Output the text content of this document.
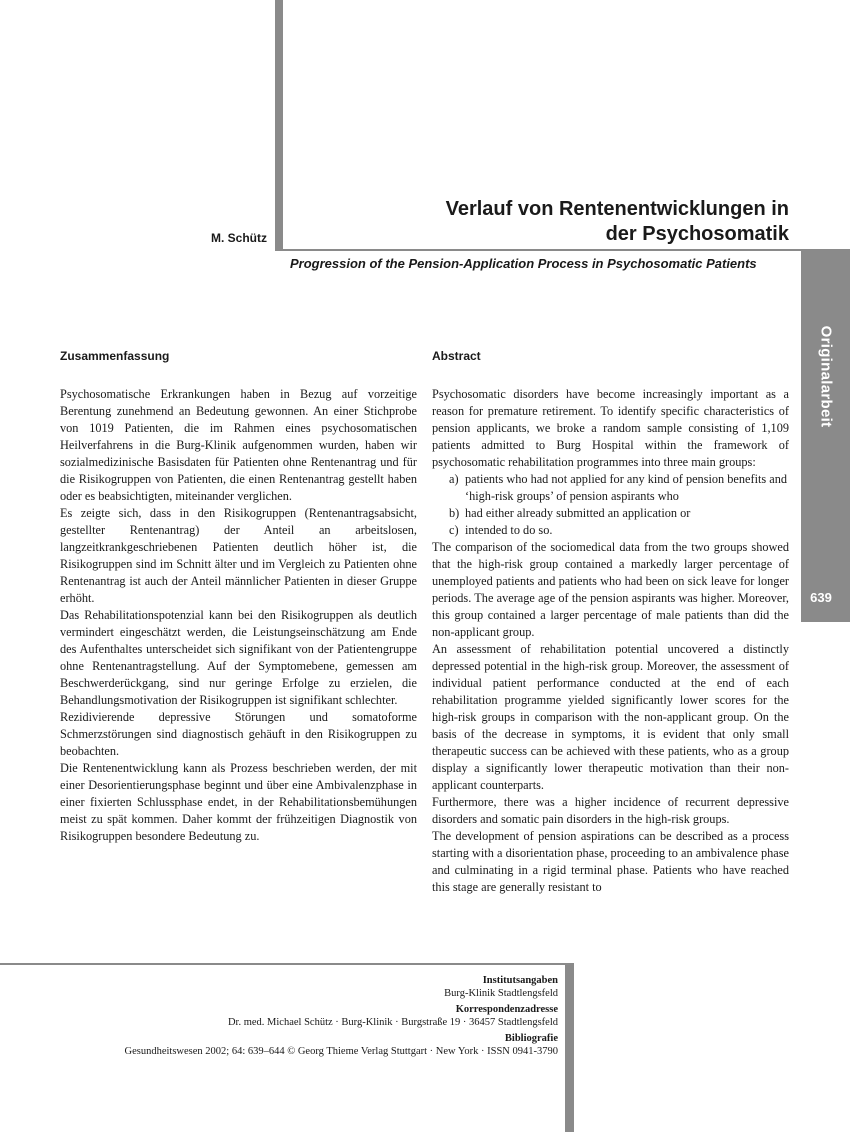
Originalarbeit
639
M. Schütz
Verlauf von Rentenentwicklungen in
der Psychosomatik
Progression of the Pension-Application Process in Psychosomatic Patients
Zusammenfassung

Psychosomatische Erkrankungen haben in Bezug auf vorzeitige Berentung zunehmend an Bedeutung gewonnen. An einer Stichprobe von 1019 Patienten, die im Rahmen eines psychosomatischen Heilverfahrens in die Burg-Klinik aufgenommen wurden, haben wir sozialmedizinische Basisdaten für Patienten ohne Rentenantrag und für die Risikogruppen von Patienten, die einen Rentenantrag gestellt haben oder es beabsichtigten, miteinander verglichen.

Es zeigte sich, dass in den Risikogruppen (Rentenantragsabsicht, gestellter Rentenantrag) der Anteil an arbeitslosen, langzeitkrankgeschriebenen Patienten deutlich höher ist, die Risikogruppen sind im Schnitt älter und im Vergleich zu Patienten ohne Rentenantrag ist auch der Anteil männlicher Patienten in dieser Gruppe erhöht.

Das Rehabilitationspotenzial kann bei den Risikogruppen als deutlich vermindert eingeschätzt werden, die Leistungseinschätzung am Ende des Aufenthaltes unterscheidet sich signifikant von der Patientengruppe ohne Rentenantragstellung. Auf der Symptomebene, gemessen am Beschwerderückgang, sind nur geringe Erfolge zu erzielen, die Behandlungsmotivation der Risikogruppen ist signifikant schlechter.

Rezidivierende depressive Störungen und somatoforme Schmerzstörungen sind diagnostisch gehäuft in den Risikogruppen zu beobachten.

Die Rentenentwicklung kann als Prozess beschrieben werden, der mit einer Desorientierungsphase beginnt und über eine Ambivalenzphase in einer fixierten Schlussphase endet, in der Rehabilitationsbemühungen meist zu spät kommen. Daher kommt der frühzeitigen Diagnostik von Risikogruppen besondere Bedeutung zu.

Abstract

Psychosomatic disorders have become increasingly important as a reason for premature retirement. To identify specific characteristics of pension applicants, we broke a random sample consisting of 1,109 patients admitted to Burg Hospital within the framework of psychosomatic rehabilitation programmes into three main groups:

a) patients who had not applied for any kind of pension benefits and ‘high-risk groups’ of pension aspirants who
b) had either already submitted an application or
c) intended to do so.

The comparison of the sociomedical data from the two groups showed that the high-risk group contained a markedly larger percentage of unemployed patients and patients who had been on sick leave for longer periods. The average age of the pension aspirants was higher. Moreover, this group contained a larger percentage of male patients than did the non-applicant group.

An assessment of rehabilitation potential uncovered a distinctly depressed potential in the high-risk group. Moreover, the assessment of individual patient performance conducted at the end of each rehabilitation programme yielded significantly lower scores for the high-risk groups in comparison with the non-applicant group. On the basis of the decrease in symptoms, it is evident that only small therapeutic success can be achieved with these patients, who as a group display a significantly lower therapeutic motivation than their non-applicant counterparts.

Furthermore, there was a higher incidence of recurrent depressive disorders and somatic pain disorders in the high-risk groups.

The development of pension aspirations can be described as a process starting with a disorientation phase, proceeding to an ambivalence phase and culminating in a rigid terminal phase. Patients who have reached this stage are generally resistant to

Institutsangaben
Burg-Klinik Stadtlengsfeld
Korrespondenzadresse
Dr. med. Michael Schütz · Burg-Klinik · Burgstraße 19 · 36457 Stadtlengsfeld
Bibliografie
Gesundheitswesen 2002; 64: 639–644 © Georg Thieme Verlag Stuttgart · New York · ISSN 0941-3790
